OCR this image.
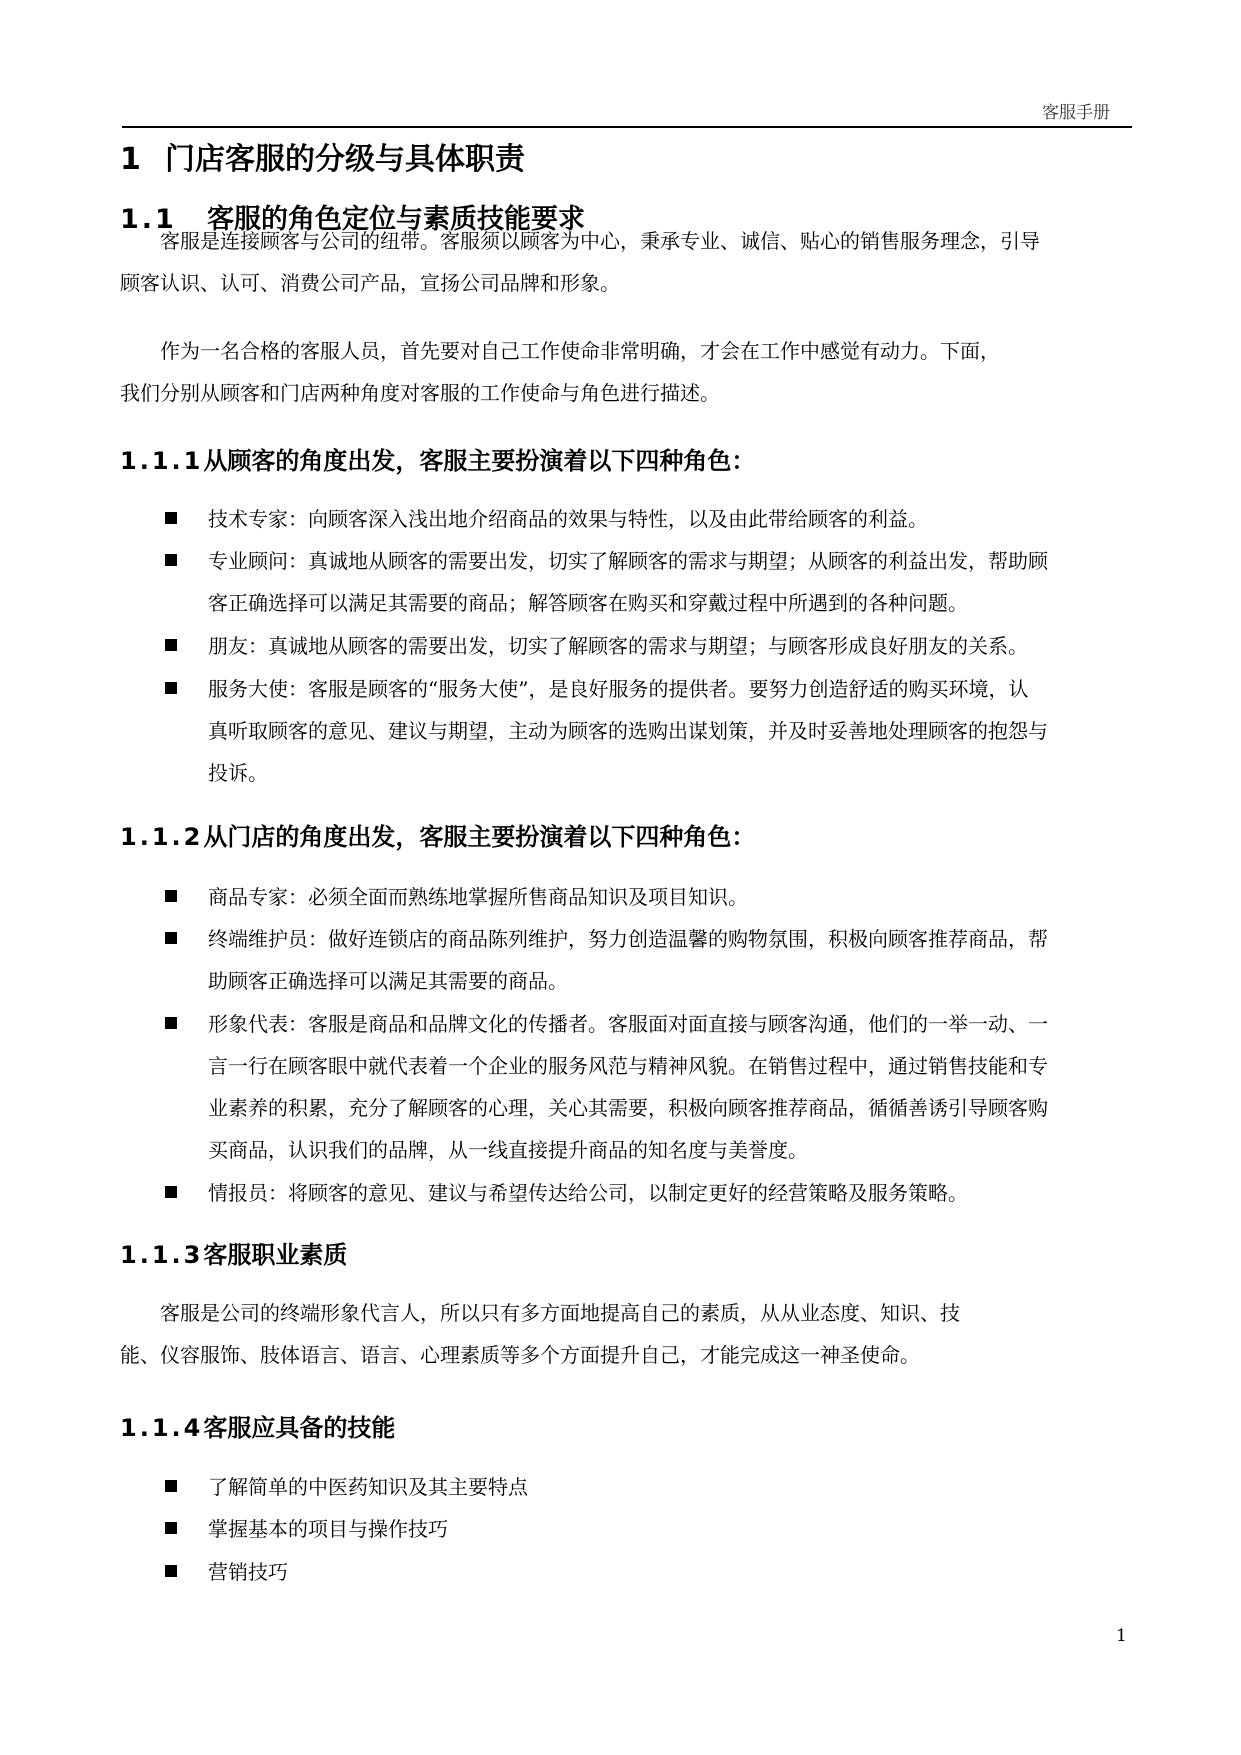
客服手册
1 门店客服的分级与具体职责
1.1 客服的角色定位与素质技能要求

客服是连接顾客与公司的纽带。客服须以顾客为中心，秉承专业、诚信、贴心的销售服务理念，引导
顾客认识、认可、消费公司产品，宣扬公司品牌和形象。

作为一名合格的客服人员，首先要对自己工作使命非常明确，才会在工作中感觉有动力。下面，
我们分别从顾客和门店两种角度对客服的工作使命与角色进行描述。

1.1.1从顾客的角度出发，客服主要扮演着以下四种角色：
技术专家：向顾客深入浅出地介绍商品的效果与特性，以及由此带给顾客的利益。
专业顾问：真诚地从顾客的需要出发，切实了解顾客的需求与期望；从顾客的利益出发，帮助顾
客正确选择可以满足其需要的商品；解答顾客在购买和穿戴过程中所遇到的各种问题。
朋友：真诚地从顾客的需要出发，切实了解顾客的需求与期望；与顾客形成良好朋友的关系。
服务大使：客服是顾客的“服务大使”，是良好服务的提供者。要努力创造舒适的购买环境，认
真听取顾客的意见、建议与期望，主动为顾客的选购出谋划策，并及时妥善地处理顾客的抱怨与
投诉。
1.1.2从门店的角度出发，客服主要扮演着以下四种角色：
商品专家：必须全面而熟练地掌握所售商品知识及项目知识。
终端维护员：做好连锁店的商品陈列维护，努力创造温馨的购物氛围，积极向顾客推荐商品，帮
助顾客正确选择可以满足其需要的商品。
形象代表：客服是商品和品牌文化的传播者。客服面对面直接与顾客沟通，他们的一举一动、一
言一行在顾客眼中就代表着一个企业的服务风范与精神风貌。在销售过程中，通过销售技能和专
业素养的积累，充分了解顾客的心理，关心其需要，积极向顾客推荐商品，循循善诱引导顾客购
买商品，认识我们的品牌，从一线直接提升商品的知名度与美誉度。
情报员：将顾客的意见、建议与希望传达给公司，以制定更好的经营策略及服务策略。
1.1.3客服职业素质

客服是公司的终端形象代言人，所以只有多方面地提高自己的素质，从从业态度、知识、技
能、仪容服饰、肢体语言、语言、心理素质等多个方面提升自己，才能完成这一神圣使命。

1.1.4客服应具备的技能
了解简单的中医药知识及其主要特点
掌握基本的项目与操作技巧
营销技巧
1
